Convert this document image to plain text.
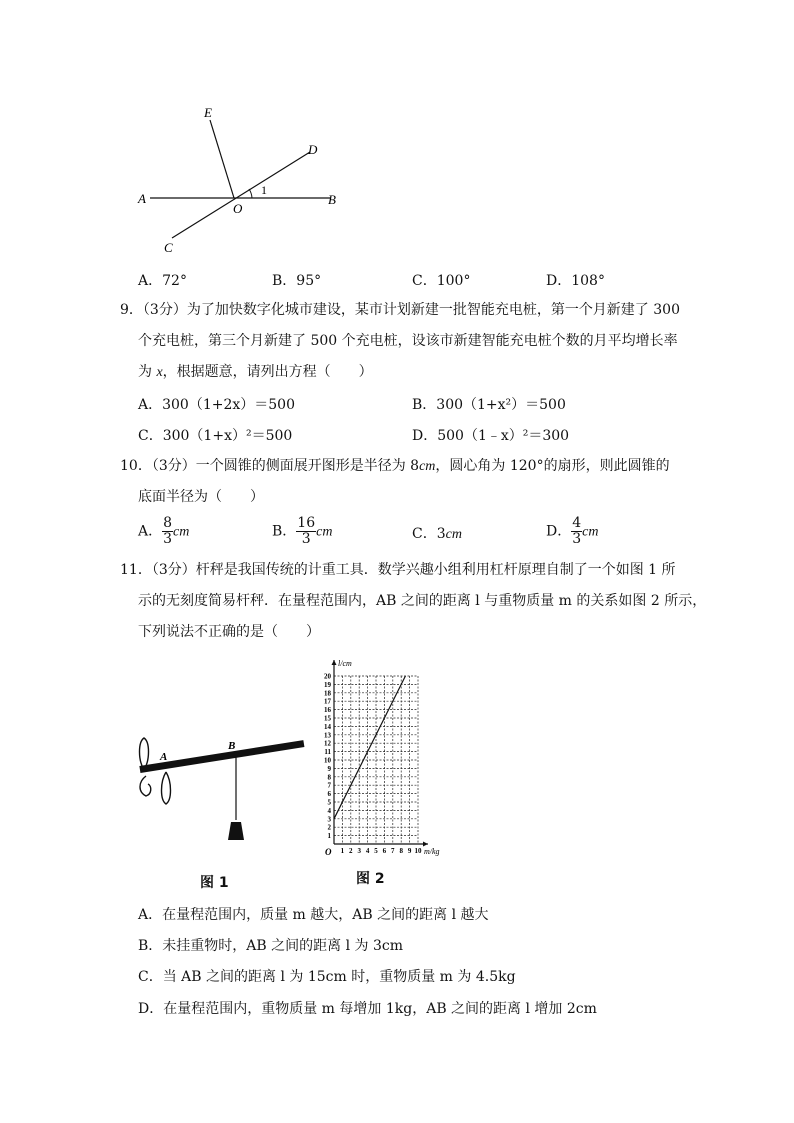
E
D
A
O
B
C
1
A．72°	B．95°	C．100°	D．108°
9．（3分）为了加快数字化城市建设，某市计划新建一批智能充电桩，第一个月新建了 300
个充电桩，第三个月新建了 500 个充电桩，设该市新建智能充电桩个数的月平均增长率
为 x，根据题意，请列出方程（　　）
A．300（1+2x）＝500	B．300（1+x²）＝500
C．300（1+x）²＝500	D．500（1﹣x）²＝300
10．（3分）一个圆锥的侧面展开图形是半径为 8cm，圆心角为 120°的扇形，则此圆锥的
底面半径为（　　）
A． $\frac{8}{3}$ cm	B． $\frac{16}{3}$ cm	C．3cm	D． $\frac{4}{3}$ cm
11．（3分）杆秤是我国传统的计重工具．数学兴趣小组利用杠杆原理自制了一个如图 1 所
示的无刻度简易杆秤．在量程范围内，AB 之间的距离 l 与重物质量 m 的关系如图 2 所示，
下列说法不正确的是（　　）
A
B
图 1
1 2 3 4 5 6 7 8 9 10
1
2
3
4
5
6
7
8
9
10
11
12
13
14
15
16
17
18
19
20
O	m/kg
l/cm
图 2
A．在量程范围内，质量 m 越大，AB 之间的距离 l 越大
B．未挂重物时，AB 之间的距离 l 为 3cm
C．当 AB 之间的距离 l 为 15cm 时，重物质量 m 为 4.5kg
D．在量程范围内，重物质量 m 每增加 1kg，AB 之间的距离 l 增加 2cm
